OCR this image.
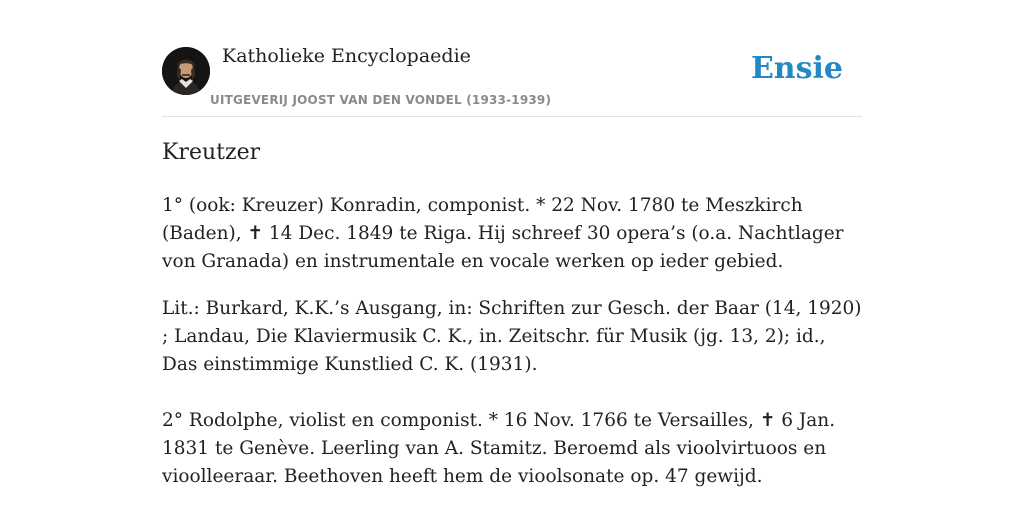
Katholieke Encyclopaedie
UITGEVERIJ JOOST VAN DEN VONDEL (1933-1939)
Ensie
Kreutzer

1° (ook: Kreuzer) Konradin, componist. * 22 Nov. 1780 te Meszkirch (Baden), ✝ 14 Dec. 1849 te Riga. Hij schreef 30 opera’s (o.a. Nachtlager von Granada) en instrumentale en vocale werken op ieder gebied.

Lit.: Burkard, K.K.’s Ausgang, in: Schriften zur Gesch. der Baar (14, 1920) ; Landau, Die Klaviermusik C. K., in. Zeitschr. für Musik (jg. 13, 2); id., Das einstimmige Kunstlied C. K. (1931).

2° Rodolphe, violist en componist. * 16 Nov. 1766 te Versailles, ✝ 6 Jan. 1831 te Genève. Leerling van A. Stamitz. Beroemd als vioolvirtuoos en vioolleeraar. Beethoven heeft hem de vioolsonate op. 47 gewijd.
